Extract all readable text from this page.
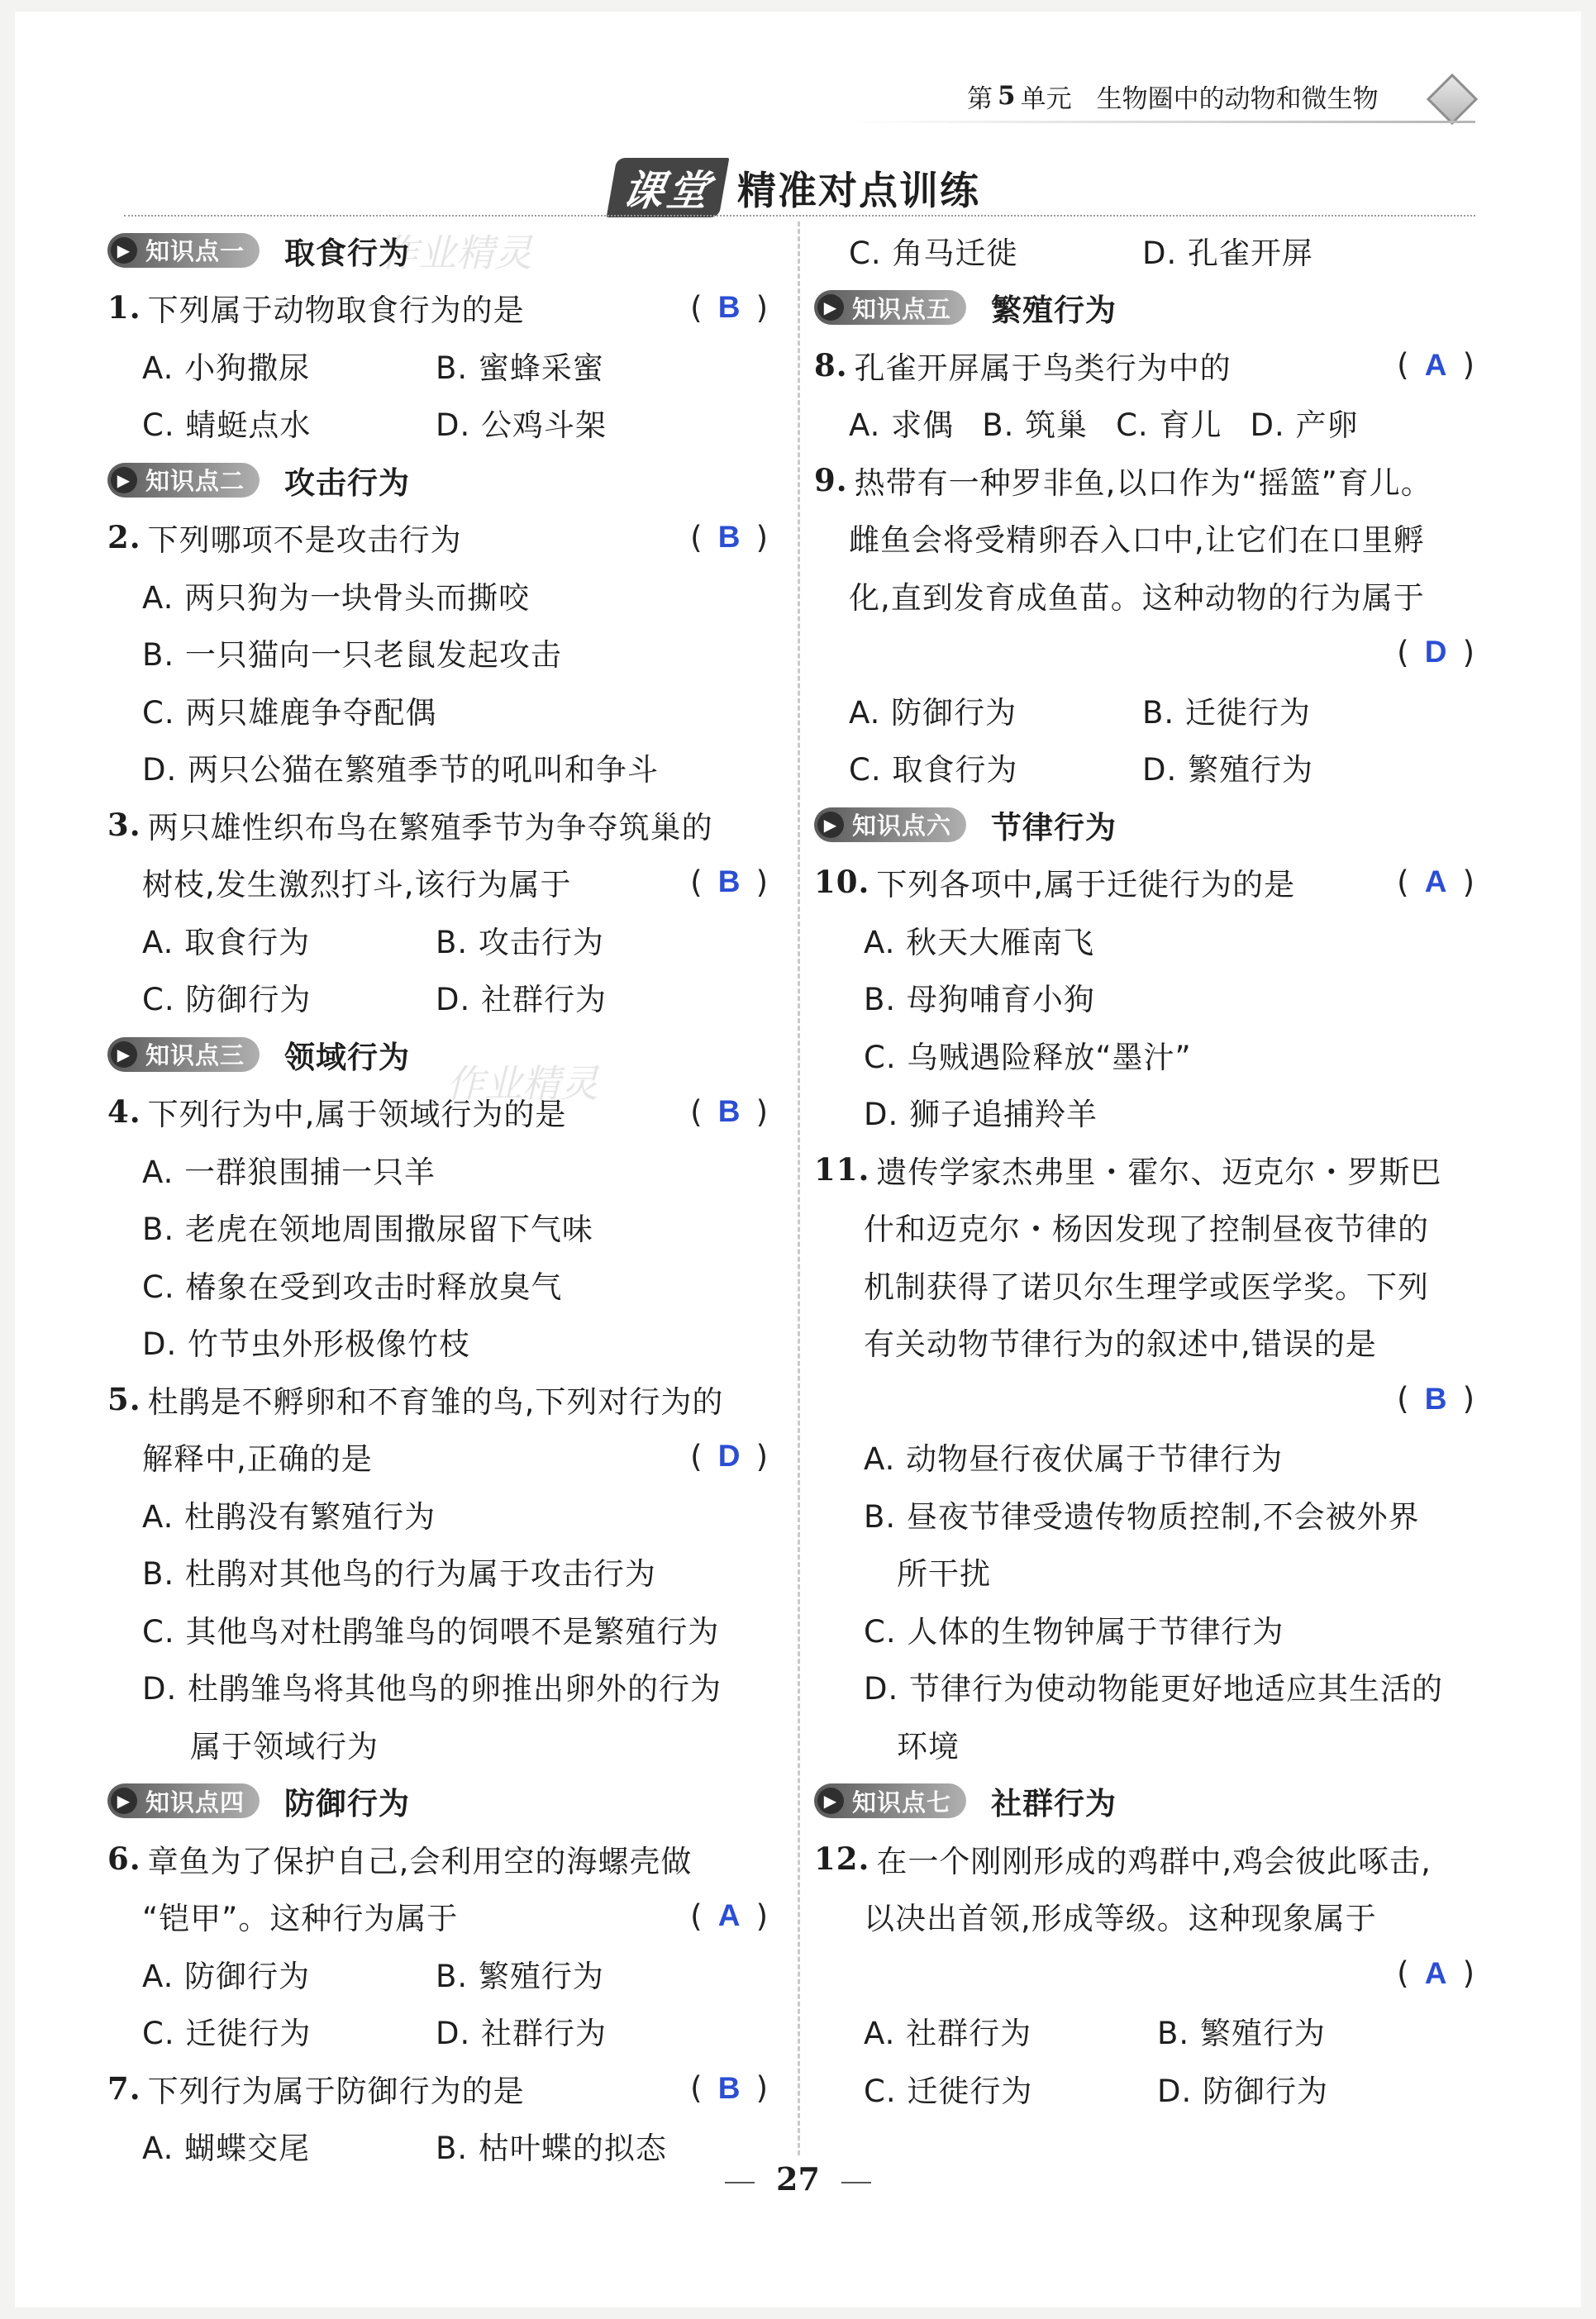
第 5 单元 生物圈中的动物和微生物
课堂 精准对点训练
作业精灵
作业精灵
▶ 知识点一 取食行为
1. 下列属于动物取食行为的是	( B )
A. 小狗撒尿	B. 蜜蜂采蜜
C. 蜻蜓点水	D. 公鸡斗架
▶ 知识点二 攻击行为
2. 下列哪项不是攻击行为	( B )
A. 两只狗为一块骨头而撕咬
B. 一只猫向一只老鼠发起攻击
C. 两只雄鹿争夺配偶
D. 两只公猫在繁殖季节的吼叫和争斗
3. 两只雄性织布鸟在繁殖季节为争夺筑巢的
树枝,发生激烈打斗,该行为属于	( B )
A. 取食行为	B. 攻击行为
C. 防御行为	D. 社群行为
▶ 知识点三 领域行为
4. 下列行为中,属于领域行为的是	( B )
A. 一群狼围捕一只羊
B. 老虎在领地周围撒尿留下气味
C. 椿象在受到攻击时释放臭气
D. 竹节虫外形极像竹枝
5. 杜鹃是不孵卵和不育雏的鸟,下列对行为的
解释中,正确的是	( D )
A. 杜鹃没有繁殖行为
B. 杜鹃对其他鸟的行为属于攻击行为
C. 其他鸟对杜鹃雏鸟的饲喂不是繁殖行为
D. 杜鹃雏鸟将其他鸟的卵推出卵外的行为
属于领域行为
▶ 知识点四 防御行为
6. 章鱼为了保护自己,会利用空的海螺壳做
“铠甲”。这种行为属于	( A )
A. 防御行为	B. 繁殖行为
C. 迁徙行为	D. 社群行为
7. 下列行为属于防御行为的是	( B )
A. 蝴蝶交尾	B. 枯叶蝶的拟态
C. 角马迁徙	D. 孔雀开屏
▶ 知识点五 繁殖行为
8. 孔雀开屏属于鸟类行为中的	( A )
A. 求偶 B. 筑巢 C. 育儿 D. 产卵
9. 热带有一种罗非鱼,以口作为“摇篮”育儿。
雌鱼会将受精卵吞入口中,让它们在口里孵
化,直到发育成鱼苗。这种动物的行为属于
( D )
A. 防御行为	B. 迁徙行为
C. 取食行为	D. 繁殖行为
▶ 知识点六 节律行为
10. 下列各项中,属于迁徙行为的是	( A )
A. 秋天大雁南飞
B. 母狗哺育小狗
C. 乌贼遇险释放“墨汁”
D. 狮子追捕羚羊
11. 遗传学家杰弗里・霍尔、迈克尔・罗斯巴
什和迈克尔・杨因发现了控制昼夜节律的
机制获得了诺贝尔生理学或医学奖。下列
有关动物节律行为的叙述中,错误的是
( B )
A. 动物昼行夜伏属于节律行为
B. 昼夜节律受遗传物质控制,不会被外界
所干扰
C. 人体的生物钟属于节律行为
D. 节律行为使动物能更好地适应其生活的
环境
▶ 知识点七 社群行为
12. 在一个刚刚形成的鸡群中,鸡会彼此啄击,
以决出首领,形成等级。这种现象属于
( A )
A. 社群行为	B. 繁殖行为
C. 迁徙行为	D. 防御行为
27
